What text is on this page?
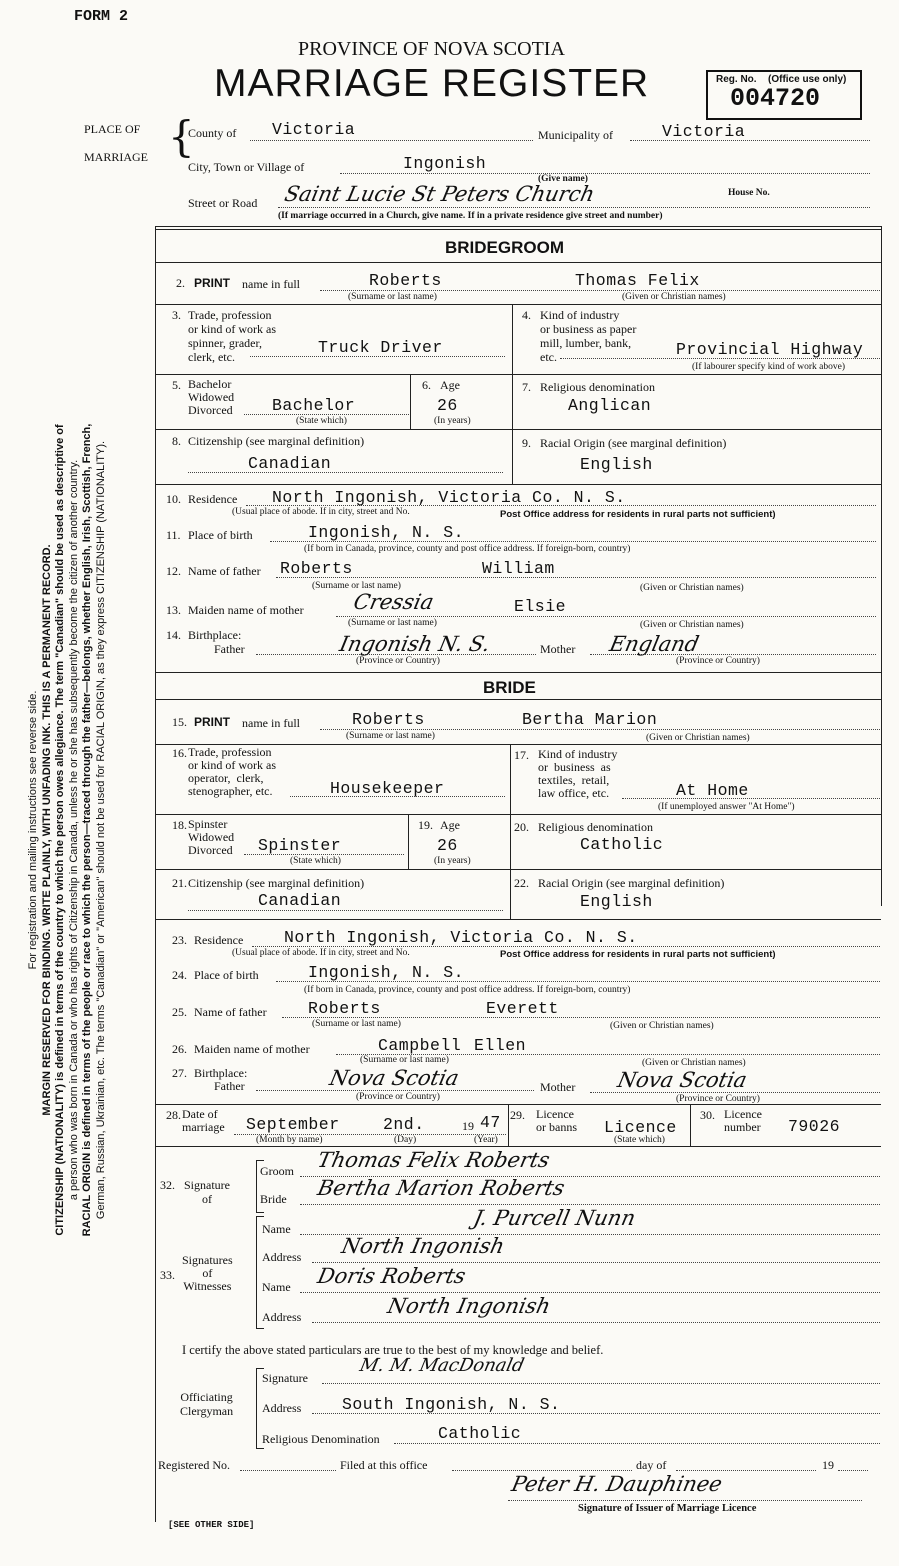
FORM 2
PROVINCE OF NOVA SCOTIA
MARRIAGE REGISTER	Reg. No. (Office use only)
004720
For registration and mailing instructions see reverse side. MARGIN RESERVED FOR BINDING. WRITE PLAINLY, WITH UNFADING INK. THIS IS A PERMANENT RECORD. CITIZENSHIP (NATIONALITY) is defined in terms of the country to which the person owes allegiance. The term "Canadian" should be used as descriptive of a person who was born in Canada or who has rights of Citizenship in Canada, unless he or she has subsequently become the citizen of another country. RACIAL ORIGIN is defined in terms of the people or race to which the person—traced through the father—belongs, whether English, Irish, Scottish, French, German, Russian, Ukrainian, etc. The terms "Canadian" or "American" should not be used for RACIAL ORIGIN, as they express CITIZENSHIP (NATIONALITY).
PLACE OF
MARRIAGE {
County of Victoria	Municipality of	Victoria
City, Town or Village of	Ingonish
Street or Road Saint Lucie St Peters Church
(Give name)
House No.
(If marriage occurred in a Church, give name. If in a private residence give street and number)
BRIDEGROOM
2. PRINT name in full	Roberts	Thomas Felix
(Surname or last name)	(Given or Christian names)
3. Trade, profession
or kind of work as
spinner, grader,
clerk, etc.	Truck Driver
4. Kind of industry
or business as paper
mill, lumber, bank,
etc.	Provincial Highway
(If labourer specify kind of work above)
5. Bachelor
Widowed
Divorced Bachelor
(State which)
6. Age
26
(In years)
7. Religious denomination
Anglican
8. Citizenship (see marginal definition)
Canadian
9. Racial Origin (see marginal definition)
English
10. Residence North Ingonish, Victoria Co. N. S.
(Usual place of abode. If in city, street and No.	Post Office address for residents in rural parts not sufficient)
11. Place of birth	Ingonish, N. S.
(If born in Canada, province, county and post office address. If foreign-born, country)
12. Name of father Roberts	William
(Surname or last name)	(Given or Christian names)
13. Maiden name of mother Cressia	Elsie
(Surname or last name)	(Given or Christian names)
14. Birthplace:
Father	Ingonish N. S.
(Province or Country)
Mother England
(Province or Country)
BRIDE
15. PRINT name in full	Roberts	Bertha Marion
(Surname or last name)	(Given or Christian names)
16. Trade, profession
or kind of work as
operator,  clerk,
stenographer, etc.	Housekeeper
17. Kind of industry
or  business  as
textiles,  retail,
law office, etc.	At Home
(If unemployed answer "At Home")
18. Spinster
Widowed
Divorced Spinster
(State which)
19. Age
26
(In years)
20. Religious denomination
Catholic
21. Citizenship (see marginal definition)
Canadian
22. Racial Origin (see marginal definition)
English
23. Residence North Ingonish, Victoria Co. N. S.
(Usual place of abode. If in city, street and No.	Post Office address for residents in rural parts not sufficient)
24. Place of birth	Ingonish, N. S.
(If born in Canada, province, county and post office address. If foreign-born, country)
25. Name of father	Roberts	Everett
(Surname or last name)	(Given or Christian names)
26. Maiden name of mother	Campbell Ellen
(Surname or last name)	(Given or Christian names)
27. Birthplace:
Father	Nova Scotia
(Province or Country)
Mother Nova Scotia
(Province or Country)
28. Date of
marriage September	2nd.	19 47
(Month by name)	(Day)	(Year)
29. Licence
or banns Licence
(State which)
30. Licence
number 79026
32. Signature
of
Groom Thomas Felix Roberts
Bride Bertha Marion Roberts
33.
Signatures
of
Witnesses
Name	J. Purcell Nunn
Address North Ingonish
Name Doris Roberts
Address	North Ingonish
I certify the above stated particulars are true to the best of my knowledge and belief.
Officiating
Clergyman
Signature
M. M. MacDonald
Address South Ingonish, N. S.
Religious Denomination	Catholic
Registered No.	Filed at this office	day of	19
Peter H. Dauphinee
Signature of Issuer of Marriage Licence
[SEE OTHER SIDE]
